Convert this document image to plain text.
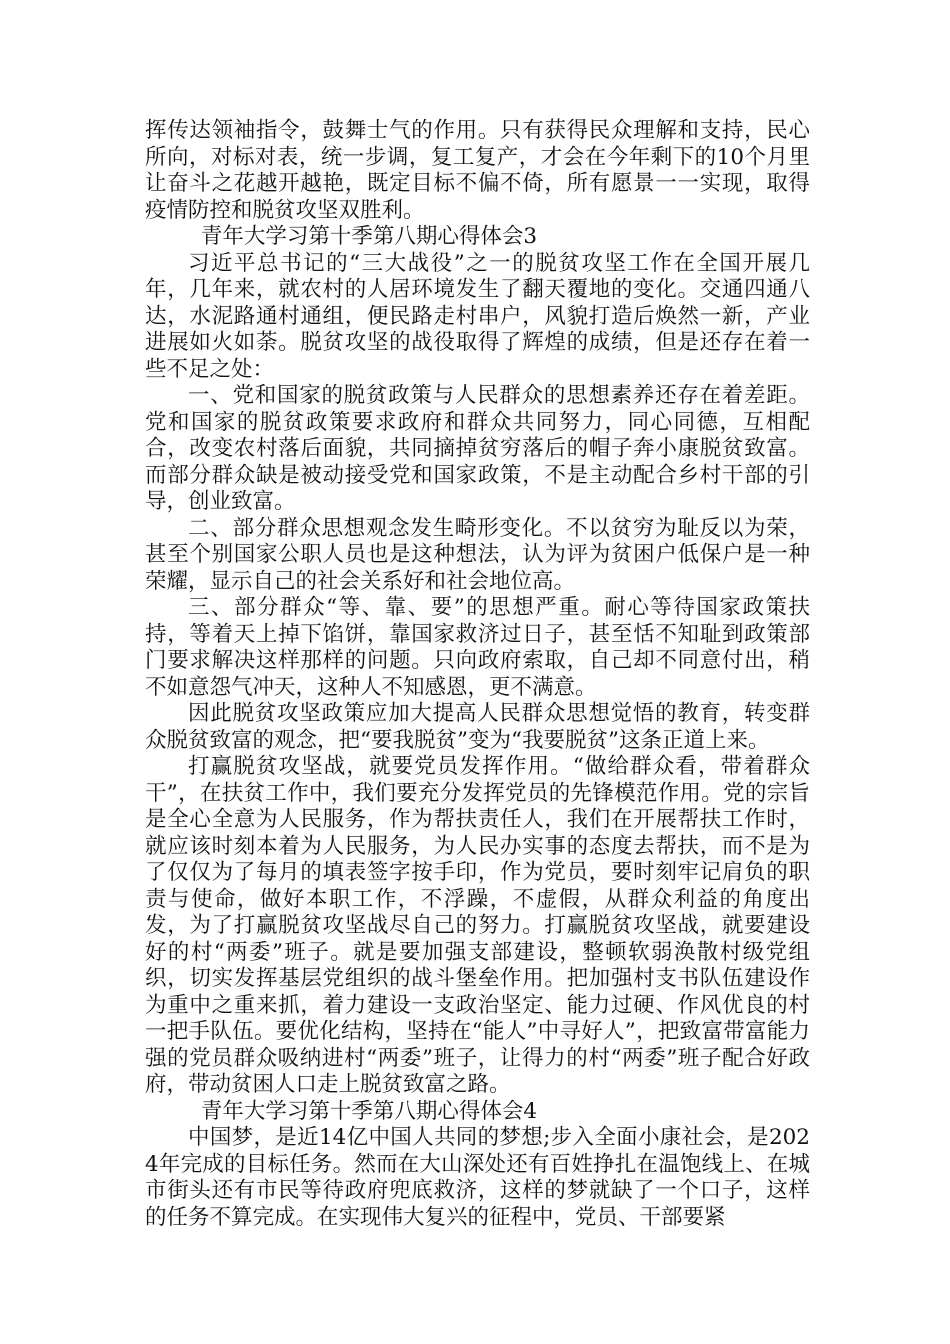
挥传达领袖指令，鼓舞士气的作用。只有获得民众理解和支持，民心所向，对标对表，统一步调，复工复产，才会在今年剩下的10个月里让奋斗之花越开越艳，既定目标不偏不倚，所有愿景一一实现，取得疫情防控和脱贫攻坚双胜利。

青年大学习第十季第八期心得体会3

习近平总书记的“三大战役”之一的脱贫攻坚工作在全国开展几年，几年来，就农村的人居环境发生了翻天覆地的变化。交通四通八达，水泥路通村通组，便民路走村串户，风貌打造后焕然一新，产业进展如火如荼。脱贫攻坚的战役取得了辉煌的成绩，但是还存在着一些不足之处：

一、党和国家的脱贫政策与人民群众的思想素养还存在着差距。党和国家的脱贫政策要求政府和群众共同努力，同心同德，互相配合，改变农村落后面貌，共同摘掉贫穷落后的帽子奔小康脱贫致富。而部分群众缺是被动接受党和国家政策，不是主动配合乡村干部的引导，创业致富。

二、部分群众思想观念发生畸形变化。不以贫穷为耻反以为荣，甚至个别国家公职人员也是这种想法，认为评为贫困户低保户是一种荣耀，显示自己的社会关系好和社会地位高。

三、部分群众“等、靠、要”的思想严重。耐心等待国家政策扶持，等着天上掉下馅饼，靠国家救济过日子，甚至恬不知耻到政策部门要求解决这样那样的问题。只向政府索取，自己却不同意付出，稍不如意怨气冲天，这种人不知感恩，更不满意。

因此脱贫攻坚政策应加大提高人民群众思想觉悟的教育，转变群众脱贫致富的观念，把“要我脱贫”变为“我要脱贫”这条正道上来。

打赢脱贫攻坚战，就要党员发挥作用。“做给群众看，带着群众干”，在扶贫工作中，我们要充分发挥党员的先锋模范作用。党的宗旨是全心全意为人民服务，作为帮扶责任人，我们在开展帮扶工作时，就应该时刻本着为人民服务，为人民办实事的态度去帮扶，而不是为了仅仅为了每月的填表签字按手印，作为党员，要时刻牢记肩负的职责与使命，做好本职工作，不浮躁，不虚假，从群众利益的角度出发，为了打赢脱贫攻坚战尽自己的努力。打赢脱贫攻坚战，就要建设好的村“两委”班子。就是要加强支部建设，整顿软弱涣散村级党组织，切实发挥基层党组织的战斗堡垒作用。把加强村支书队伍建设作为重中之重来抓，着力建设一支政治坚定、能力过硬、作风优良的村一把手队伍。要优化结构，坚持在“能人”中寻好人”，把致富带富能力强的党员群众吸纳进村“两委”班子，让得力的村“两委”班子配合好政府，带动贫困人口走上脱贫致富之路。

青年大学习第十季第八期心得体会4

中国梦，是近14亿中国人共同的梦想;步入全面小康社会，是2024年完成的目标任务。然而在大山深处还有百姓挣扎在温饱线上、在城市街头还有市民等待政府兜底救济，这样的梦就缺了一个口子，这样的任务不算完成。在实现伟大复兴的征程中，党员、干部要紧
